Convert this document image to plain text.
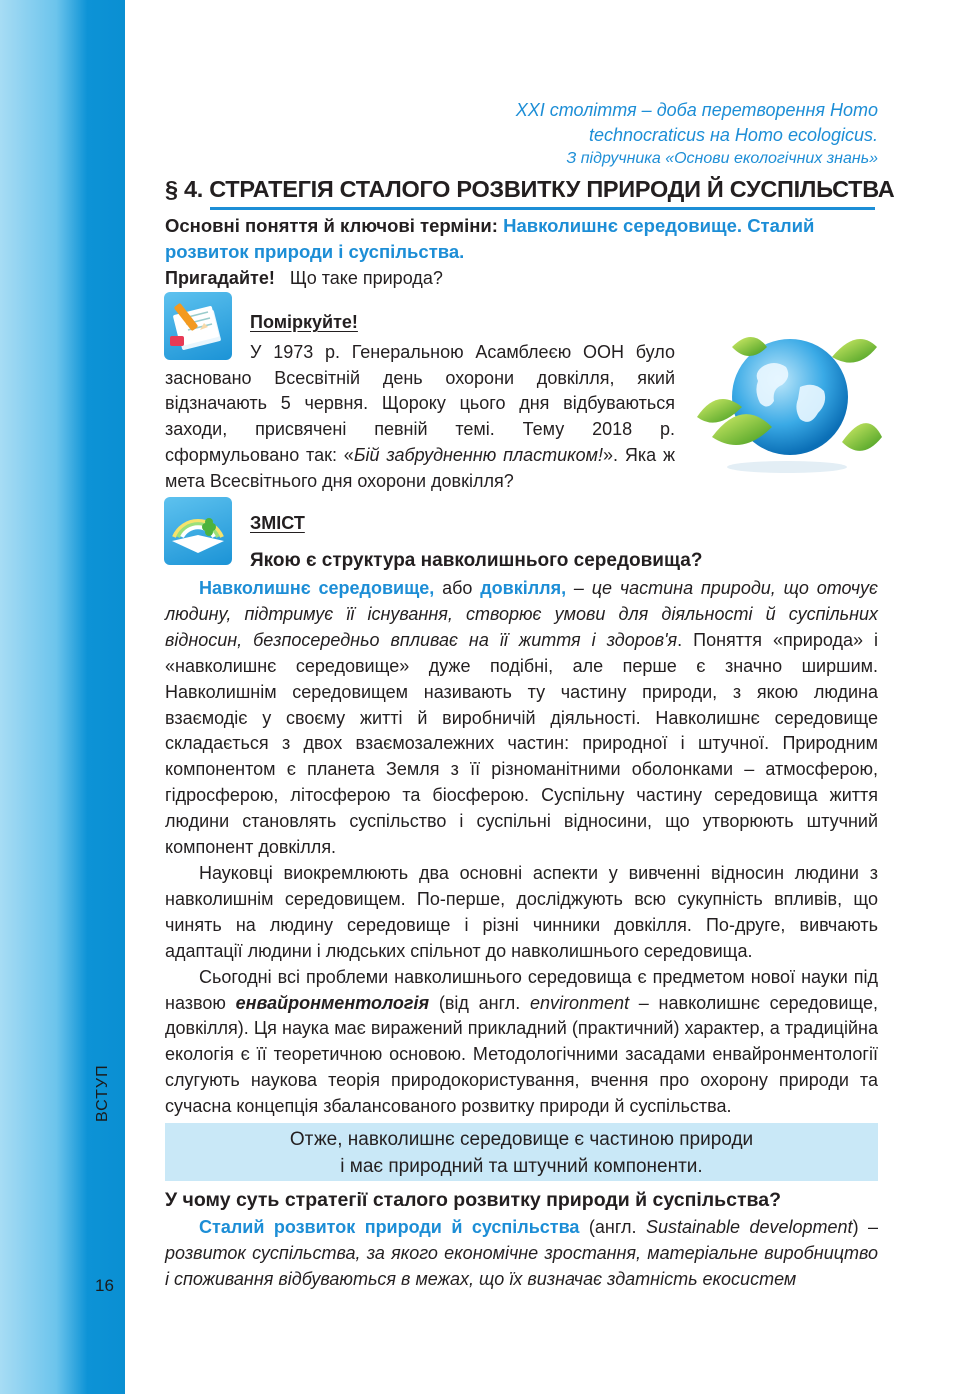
ВСТУП
16
XXI століття – доба перетворення Homo
technocraticus на Homo ecologicus.
З підручника «Основи екологічних знань»
§ 4. СТРАТЕГІЯ СТАЛОГО РОЗВИТКУ ПРИРОДИ Й СУСПІЛЬСТВА
Основні поняття й ключові терміни: Навколишнє середовище. Сталий розвиток природи і суспільства.
Пригадайте! Що таке природа?
Поміркуйте!
У 1973 р. Генеральною Асамблеєю ООН було засновано Всесвітній день охорони довкілля, який відзначають 5 червня. Щороку цього дня відбуваються заходи, присвячені певній темі. Тему 2018 р. сформульовано так: «Бій забрудненню пластиком!». Яка ж мета Всесвітнього дня охорони довкілля?
ЗМІСТ
Якою є структура навколишнього середовища?

Навколишнє середовище, або довкілля, – це частина природи, що оточує людину, підтримує її існування, створює умови для діяльності й суспільних відносин, безпосередньо впливає на її життя і здоров'я. Поняття «природа» і «навколишнє середовище» дуже подібні, але перше є значно ширшим. Навколишнім середовищем називають ту частину природи, з якою людина взаємодіє у своєму житті й виробничій діяльності. Навколишнє середовище складається з двох взаємозалежних частин: природної і штучної. Природним компонентом є планета Земля з її різноманітними оболонками – атмосферою, гідросферою, літосферою та біосферою. Суспільну частину середовища життя людини становлять суспільство і суспільні відносини, що утворюють штучний компонент довкілля.

Науковці виокремлюють два основні аспекти у вивченні відносин людини з навколишнім середовищем. По-перше, досліджують всю сукупність впливів, що чинять на людину середовище і різні чинники довкілля. По-друге, вивчають адаптації людини і людських спільнот до навколишнього середовища.

Сьогодні всі проблеми навколишнього середовища є предметом нової науки під назвою енвайронментологія (від англ. environment – навколишнє середовище, довкілля). Ця наука має виражений прикладний (практичний) характер, а традиційна екологія є її теоретичною основою. Методологічними засадами енвайронментології слугують наукова теорія природокористування, вчення про охорону природи та сучасна концепція збалансованого розвитку природи й суспільства.

Отже, навколишнє середовище є частиною природи
і має природний та штучний компоненти.
У чому суть стратегії сталого розвитку природи й суспільства?

Сталий розвиток природи й суспільства (англ. Sustainable development) – розвиток суспільства, за якого економічне зростання, матеріальне виробництво і споживання відбуваються в межах, що їх визначає здатність екосистем
